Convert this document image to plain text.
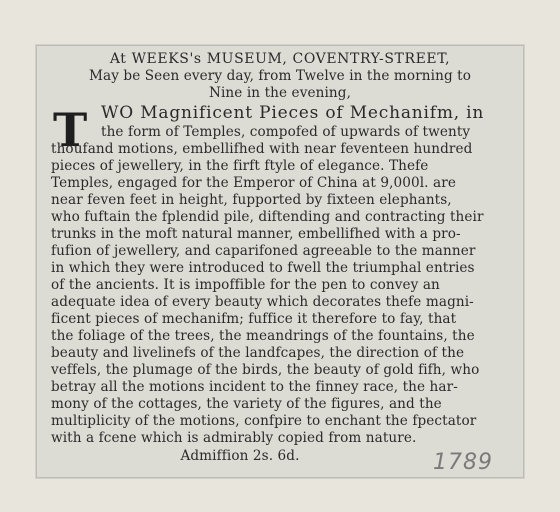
At WEEKS's MUSEUM, COVENTRY-STREET,
May be Seen every day, from Twelve in the morning to
Nine in the evening,
T WO Magnificent Pieces of Mechanifm, in
the form of Temples, compofed of upwards of twenty
thoufand motions, embellifhed with near feventeen hundred
pieces of jewellery, in the firft ftyle of elegance. Thefe
Temples, engaged for the Emperor of China at 9,000l. are
near feven feet in height, fupported by fixteen elephants,
who fuftain the fplendid pile, diftending and contracting their
trunks in the moft natural manner, embellifhed with a pro-
fufion of jewellery, and caparifoned agreeable to the manner
in which they were introduced to fwell the triumphal entries
of the ancients. It is impoffible for the pen to convey an
adequate idea of every beauty which decorates thefe magni-
ficent pieces of mechanifm; fuffice it therefore to fay, that
the foliage of the trees, the meandrings of the fountains, the
beauty and livelinefs of the landfcapes, the direction of the
veffels, the plumage of the birds, the beauty of gold fifh, who
betray all the motions incident to the finney race, the har-
mony of the cottages, the variety of the figures, and the
multiplicity of the motions, confpire to enchant the fpectator
with a fcene which is admirably copied from nature.
Admiffion 2s. 6d.	1789
